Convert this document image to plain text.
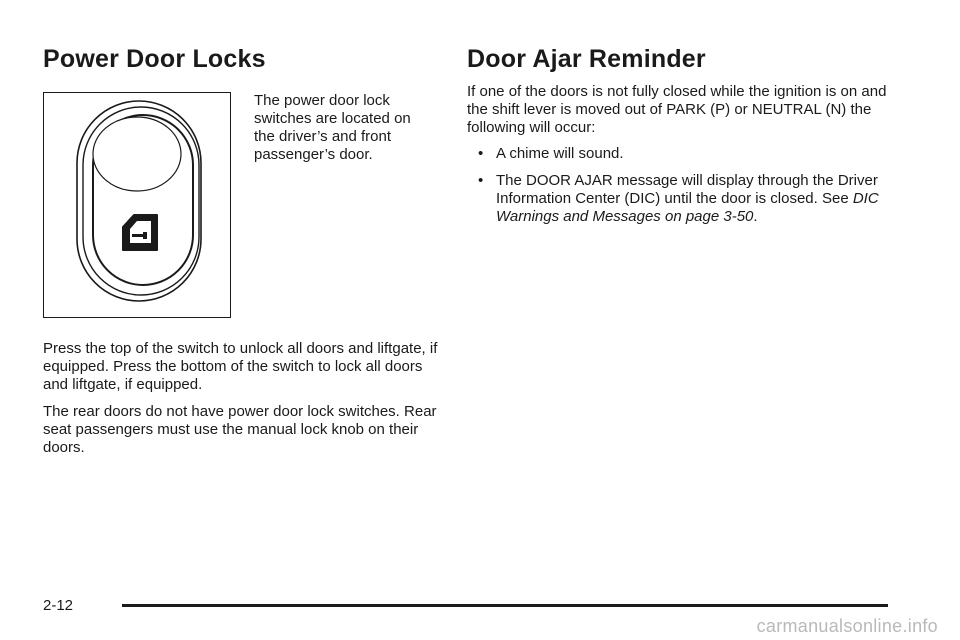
Power Door Locks

The power door lock switches are located on the driver’s and front passenger’s door.

Press the top of the switch to unlock all doors and liftgate, if equipped. Press the bottom of the switch to lock all doors and liftgate, if equipped.

The rear doors do not have power door lock switches. Rear seat passengers must use the manual lock knob on their doors.

Door Ajar Reminder

If one of the doors is not fully closed while the ignition is on and the shift lever is moved out of PARK (P) or NEUTRAL (N) the following will occur:

• A chime will sound.
• The DOOR AJAR message will display through the Driver Information Center (DIC) until the door is closed. See DIC Warnings and Messages on page 3-50.
2-12
carmanualsonline.info
